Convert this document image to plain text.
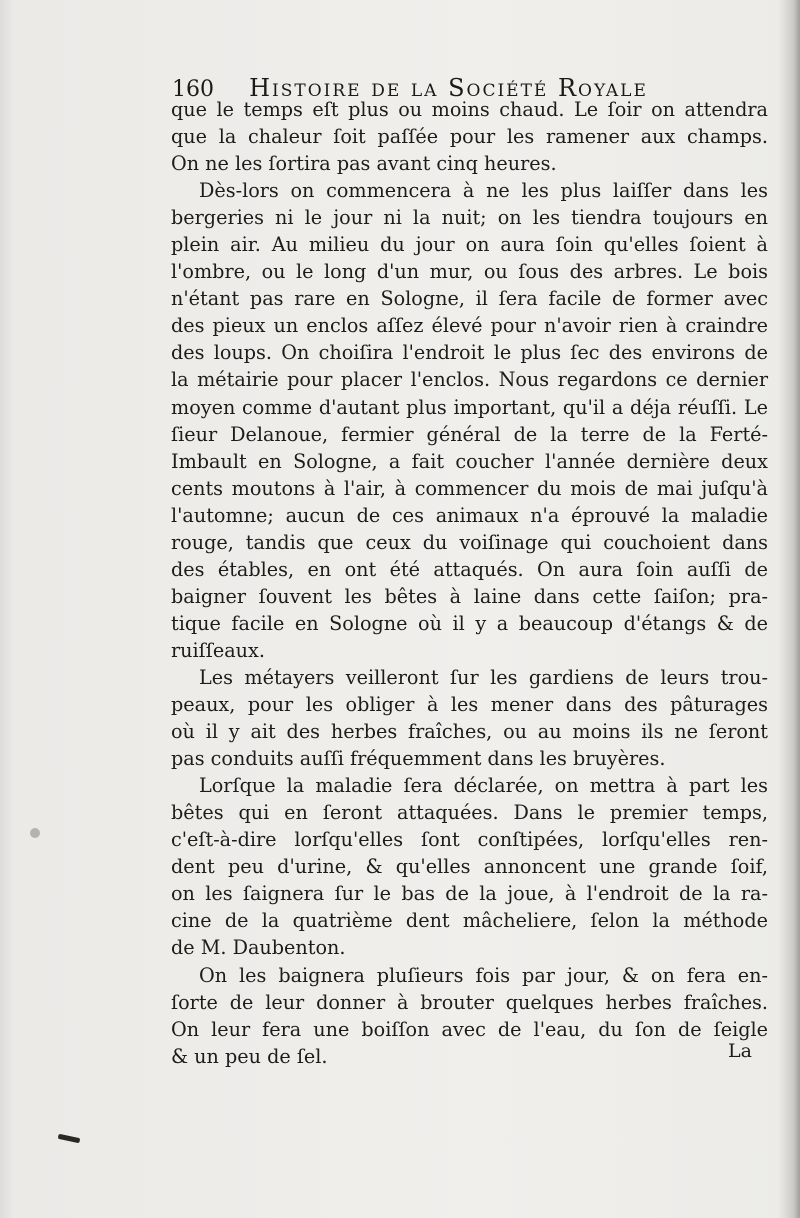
160 Histoire de la Société Royale
que le temps eſt plus ou moins chaud. Le ſoir on attendra
que la chaleur ſoit paſſée pour les ramener aux champs.
On ne les ſortira pas avant cinq heures.
Dès-lors on commencera à ne les plus laiſſer dans les
bergeries ni le jour ni la nuit; on les tiendra toujours en
plein air. Au milieu du jour on aura ſoin qu'elles ſoient à
l'ombre, ou le long d'un mur, ou ſous des arbres. Le bois
n'étant pas rare en Sologne, il ſera facile de former avec
des pieux un enclos aſſez élevé pour n'avoir rien à craindre
des loups. On choiſira l'endroit le plus ſec des environs de
la métairie pour placer l'enclos. Nous regardons ce dernier
moyen comme d'autant plus important, qu'il a déja réuſſi. Le
ſieur Delanoue, fermier général de la terre de la Ferté-
Imbault en Sologne, a fait coucher l'année dernière deux
cents moutons à l'air, à commencer du mois de mai juſqu'à
l'automne; aucun de ces animaux n'a éprouvé la maladie
rouge, tandis que ceux du voiſinage qui couchoient dans
des étables, en ont été attaqués. On aura ſoin auſſi de
baigner ſouvent les bêtes à laine dans cette ſaiſon; pra-
tique facile en Sologne où il y a beaucoup d'étangs & de
ruiſſeaux.
Les métayers veilleront ſur les gardiens de leurs trou-
peaux, pour les obliger à les mener dans des pâturages
où il y ait des herbes fraîches, ou au moins ils ne ſeront
pas conduits auſſi fréquemment dans les bruyères.
Lorſque la maladie ſera déclarée, on mettra à part les
bêtes qui en ſeront attaquées. Dans le premier temps,
c'eſt-à-dire lorſqu'elles ſont conſtipées, lorſqu'elles ren-
dent peu d'urine, & qu'elles annoncent une grande ſoif,
on les ſaignera ſur le bas de la joue, à l'endroit de la ra-
cine de la quatrième dent mâcheliere, ſelon la méthode
de M. Daubenton.
On les baignera pluſieurs fois par jour, & on fera en-
ſorte de leur donner à brouter quelques herbes fraîches.
On leur fera une boiſſon avec de l'eau, du ſon de ſeigle
& un peu de ſel.	La
